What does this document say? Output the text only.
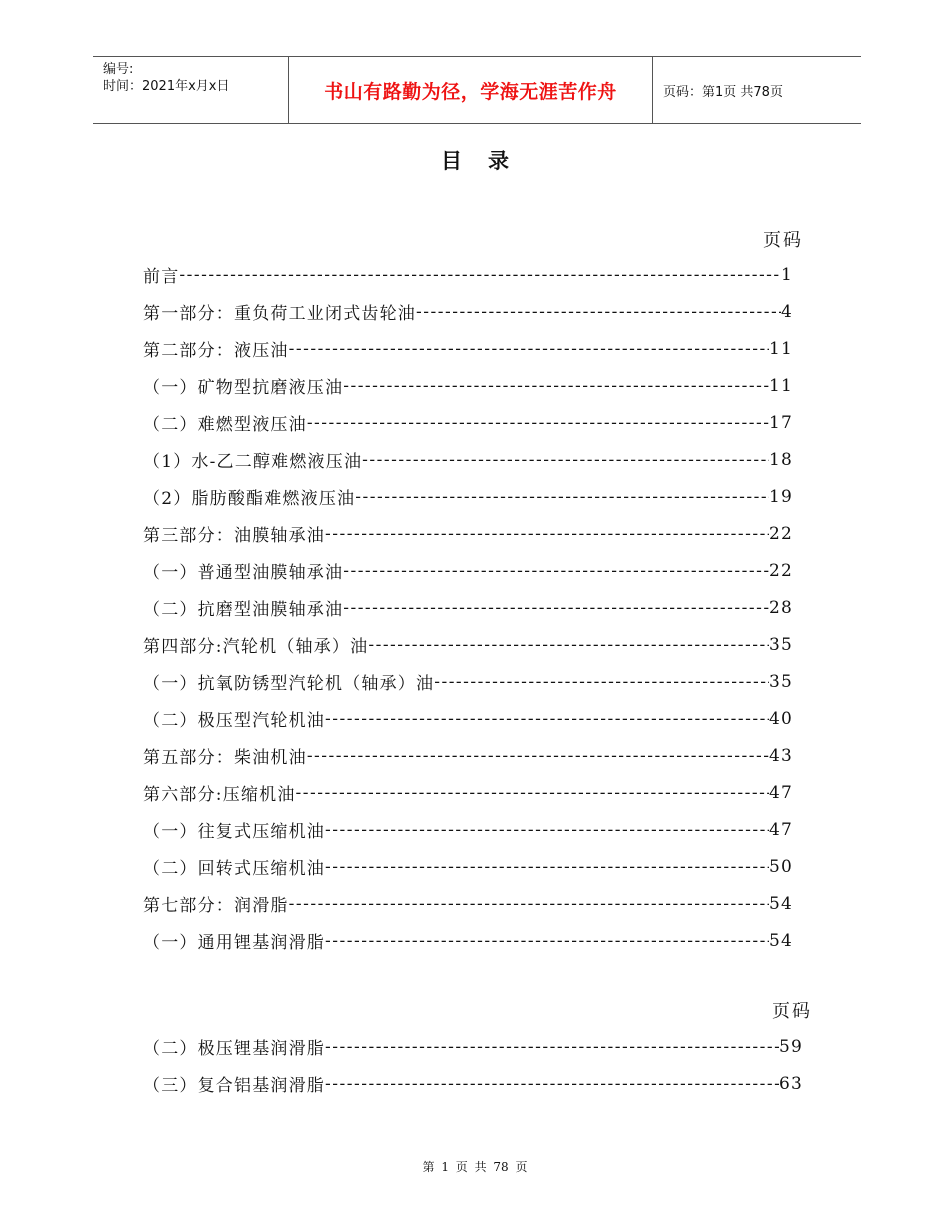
编号:
时间：2021年x月x日	书山有路勤为径，学海无涯苦作舟	页码：第1页 共78页
目录
页码
前言 -----	1
第一部分：重负荷工业闭式齿轮油 -----	4
第二部分：液压油 -----	11
（一）矿物型抗磨液压油 -----	11
（二）难燃型液压油 -----	17
（1）水-乙二醇难燃液压油 -----	18
（2）脂肪酸酯难燃液压油 -----	19
第三部分：油膜轴承油 -----	22
（一）普通型油膜轴承油 -----	22
（二）抗磨型油膜轴承油 -----	28
第四部分:汽轮机（轴承）油 -----	35
（一）抗氧防锈型汽轮机（轴承）油 -----	35
（二）极压型汽轮机油 -----	40
第五部分：柴油机油 -----	43
第六部分:压缩机油 -----	47
（一）往复式压缩机油 -----	47
（二）回转式压缩机油 -----	50
第七部分：润滑脂 -----	54
（一）通用锂基润滑脂 -----	54
页码
（二）极压锂基润滑脂 -----	59
（三）复合铝基润滑脂 -----	63
第 1 页 共 78 页
